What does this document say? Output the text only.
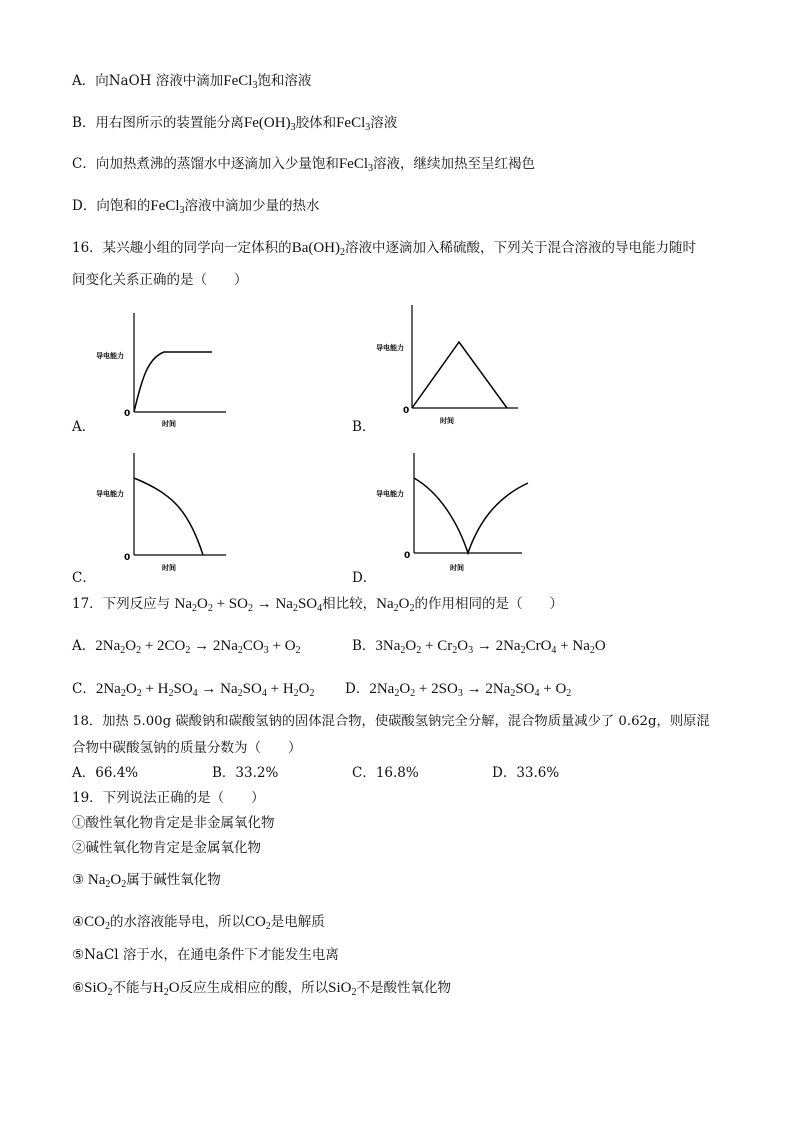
A．向NaOH 溶液中滴加FeCl$_3$饱和溶液
B．用右图所示的装置能分离$Fe(OH)_3$胶体和FeCl$_3$溶液
C．向加热煮沸的蒸馏水中逐滴加入少量饱和FeCl$_3$溶液，继续加热至呈红褐色
D．向饱和的FeCl$_3$溶液中滴加少量的热水
16．某兴趣小组的同学向一定体积的$Ba(OH)_2$溶液中逐滴加入稀硫酸，下列关于混合溶液的导电能力随时
间变化关系正确的是（　　）
A．
导电能力
0
时间	B．
导电能力
0
时间
C．
导电能力
0
时间
D．
导电能力
0
时间
17．下列反应与 $Na_2O_2 + SO_2 \to Na_2SO_4$相比较，$Na_2O_2$的作用相同的是（　　）
A．$2Na_2O_2 + 2CO_2 \to 2Na_2CO_3 + O_2$	B．$3Na_2O_2 + Cr_2O_3 \to 2Na_2CrO_4 + Na_2O$
C．$2Na_2O_2 + H_2SO_4 \to Na_2SO_4 + H_2O_2$ D．$2Na_2O_2 + 2SO_3 \to 2Na_2SO_4 + O_2$
18．加热 5.00g 碳酸钠和碳酸氢钠的固体混合物，使碳酸氢钠完全分解，混合物质量减少了 0.62g，则原混
合物中碳酸氢钠的质量分数为（　　）
A．66.4%	B．33.2%	C．16.8%	D．33.6%
19．下列说法正确的是（　　）
①酸性氧化物肯定是非金属氧化物
②碱性氧化物肯定是金属氧化物
③ $Na_2O_2$属于碱性氧化物
$④CO_2$的水溶液能导电，所以$CO_2$是电解质
⑤NaCl 溶于水，在通电条件下才能发生电离
⑥SiO$_2$不能与$H_2O$反应生成相应的酸，所以SiO$_2$不是酸性氧化物
